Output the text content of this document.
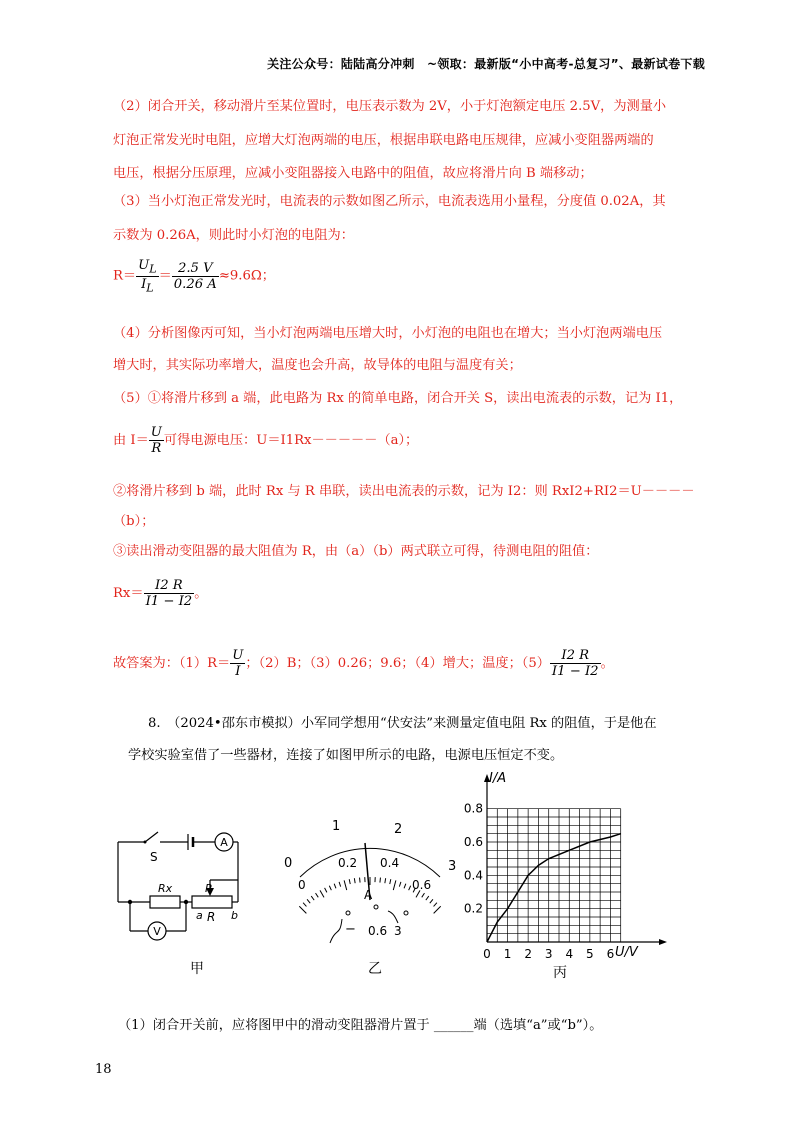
关注公众号：陆陆高分冲刺　~领取：最新版“小中高考-总复习”、最新试卷下载
（2）闭合开关，移动滑片至某位置时，电压表示数为 2V，小于灯泡额定电压 2.5V，为测量小
灯泡正常发光时电阻，应增大灯泡两端的电压，根据串联电路电压规律，应减小变阻器两端的
电压，根据分压原理，应减小变阻器接入电路中的阻值，故应将滑片向 B 端移动；
（3）当小灯泡正常发光时，电流表的示数如图乙所示，电流表选用小量程，分度值 0.02A，其
示数为 0.26A，则此时小灯泡的电阻为：
$R= \frac{U_L}{I_L} = \frac{2.5 V}{0.26 A} \approx 9.6\Omega$；
（4）分析图像丙可知，当小灯泡两端电压增大时，小灯泡的电阻也在增大；当小灯泡两端电压
增大时，其实际功率增大，温度也会升高，故导体的电阻与温度有关；
（5）①将滑片移到 a 端，此电路为 Rx 的简单电路，闭合开关 S，读出电流表的示数，记为 I1，
由 $I= \frac{U}{R}$ 可得电源电压：U＝I1Rx－－－－－（a）；
②将滑片移到 b 端，此时 Rx 与 R 串联，读出电流表的示数，记为 I2：则 RxI2+RI2＝U－－－－
（b）；
③读出滑动变阻器的最大阻值为 R，由（a）（b）两式联立可得，待测电阻的阻值：
$Rx= \frac{I2 R}{I1 - I2}$ 。
故答案为：$(1)R= \frac{U}{I}$ ；（2）B；（3）0.26；9.6；（4）增大；温度；$(5) \frac{I2 R}{I1 - I2}$ 。
8.　（2024•邵东市模拟）小军同学想用“伏安法”来测量定值电阻 Rx 的阻值，于是他在
学校实验室借了一些器材，连接了如图甲所示的电路，电源电压恒定不变。
A
V
S
Rx	P
R
a	b
甲
0
1	2
3
0
0.2 0.4
0.6
A
− 0.6 3
乙
0 1 2 3 4 5 6
0.2
0.4
0.6
0.8
I/A
U/V
丙
（1）闭合开关前，应将图甲中的滑动变阻器滑片置于 ______端（选填“a”或“b”）。
18
